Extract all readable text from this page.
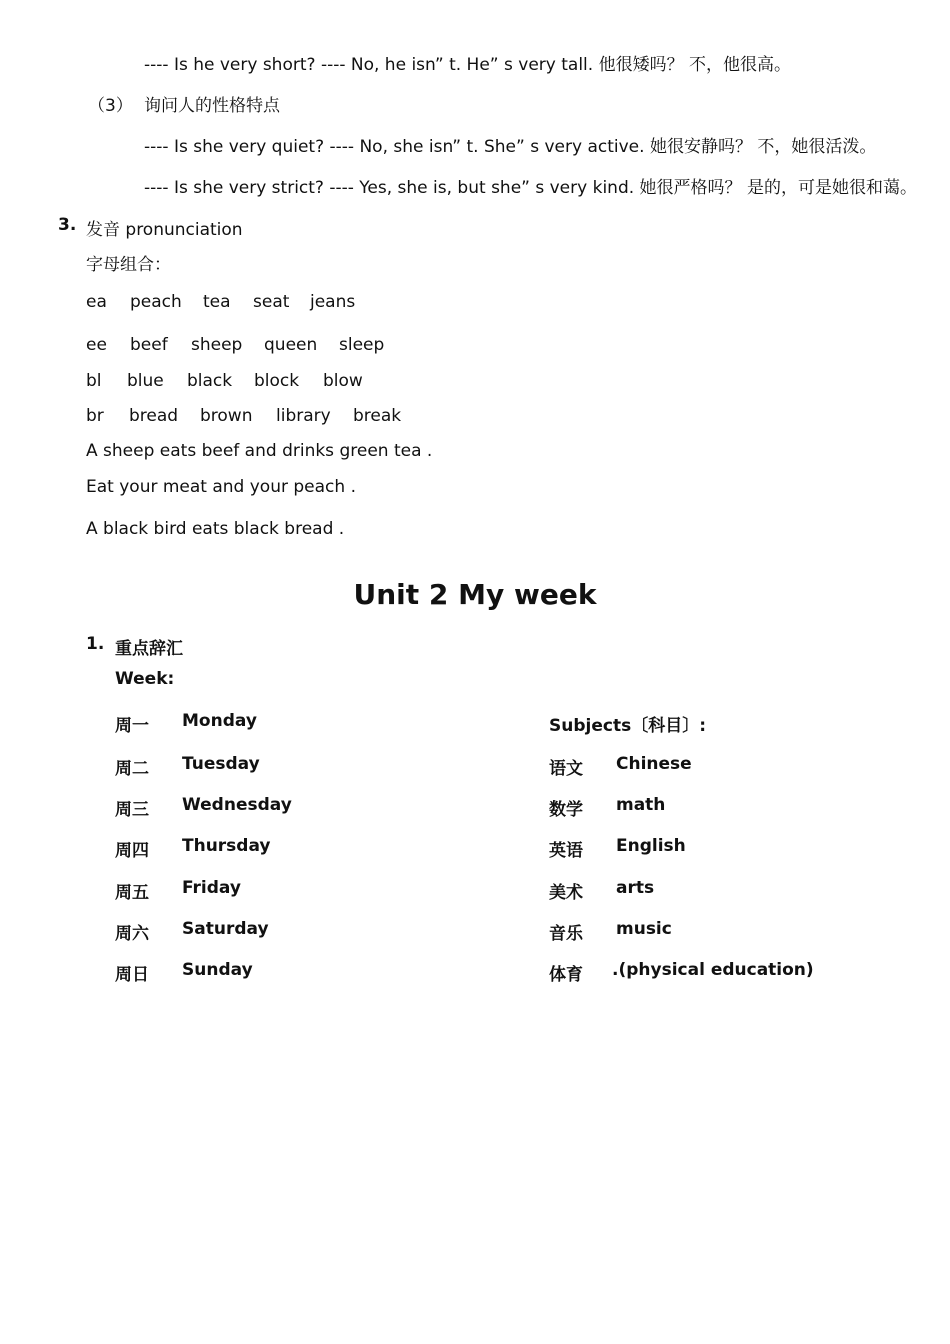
---- Is he very short? ---- No, he isn” t. He” s very tall. 他很矮吗？ 不，他很高。
（3） 询问人的性格特点
---- Is she very quiet? ---- No, she isn” t. She” s very active. 她很安静吗？ 不，她很活泼。
---- Is she very strict? ---- Yes, she is, but she” s very kind. 她很严格吗？ 是的，可是她很和蔼。
3. 发音 pronunciation
字母组合：
ea peach tea seat jeans
ee beef sheep queen sleep
bl blue black block blow
br bread brown library break
A sheep eats beef and drinks green tea .
Eat your meat and your peach .
A black bird eats black bread .
Unit 2 My week
1. 重点辞汇
Week:
周一 Monday
周二 Tuesday
周三 Wednesday
周四 Thursday
周五 Friday
周六 Saturday
周日 Sunday
Subjects〔科目〕:
语文 Chinese
数学 math
英语 English
美术 arts
音乐 music
体育 .(physical education)
